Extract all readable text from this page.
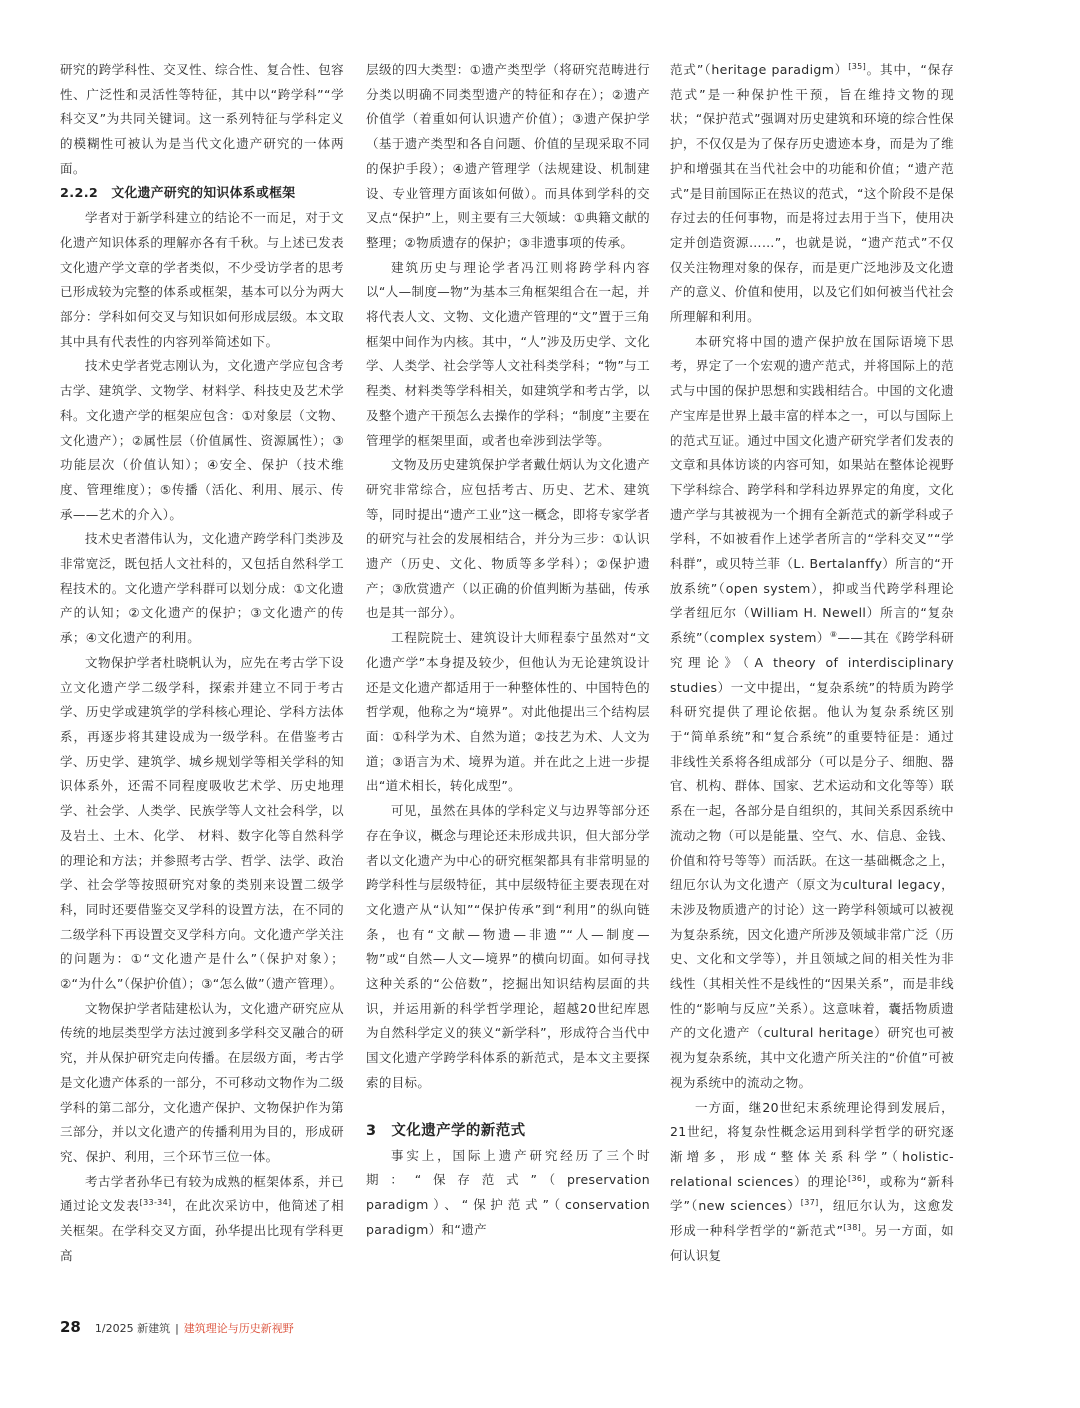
研究的跨学科性、交叉性、综合性、复合性、包容性、广泛性和灵活性等特征，其中以“跨学科”“学科交叉”为共同关键词。这一系列特征与学科定义的模糊性可被认为是当代文化遗产研究的一体两面。

2.2.2　文化遗产研究的知识体系或框架

学者对于新学科建立的结论不一而足，对于文化遗产知识体系的理解亦各有千秋。与上述已发表文化遗产学文章的学者类似，不少受访学者的思考已形成较为完整的体系或框架，基本可以分为两大部分：学科如何交叉与知识如何形成层级。本文取其中具有代表性的内容列举简述如下。

技术史学者党志刚认为，文化遗产学应包含考古学、建筑学、文物学、材料学、科技史及艺术学科。文化遗产学的框架应包含：①对象层（文物、文化遗产）；②属性层（价值属性、资源属性）；③功能层次（价值认知）；④安全、保护（技术维度、管理维度）；⑤传播（活化、利用、展示、传承——艺术的介入）。

技术史者潜伟认为，文化遗产跨学科门类涉及非常宽泛，既包括人文社科的，又包括自然科学工程技术的。文化遗产学科群可以划分成：①文化遗产的认知；②文化遗产的保护；③文化遗产的传承；④文化遗产的利用。

文物保护学者杜晓帆认为，应先在考古学下设立文化遗产学二级学科，探索并建立不同于考古学、历史学或建筑学的学科核心理论、学科方法体系，再逐步将其建设成为一级学科。在借鉴考古学、历史学、建筑学、城乡规划学等相关学科的知识体系外，还需不同程度吸收艺术学、历史地理学、社会学、人类学、民族学等人文社会科学，以及岩土、土木、化学、 材料、数字化等自然科学的理论和方法；并参照考古学、哲学、法学、政治学、社会学等按照研究对象的类别来设置二级学科，同时还要借鉴交叉学科的设置方法，在不同的二级学科下再设置交叉学科方向。文化遗产学关注的问题为：①“文化遗产是什么”（保护对象）；②“为什么”（保护价值）；③“怎么做”（遗产管理）。

文物保护学者陆建松认为，文化遗产研究应从传统的地层类型学方法过渡到多学科交叉融合的研究，并从保护研究走向传播。在层级方面，考古学是文化遗产体系的一部分，不可移动文物作为二级学科的第二部分，文化遗产保护、文物保护作为第三部分，并以文化遗产的传播利用为目的，形成研究、保护、利用，三个环节三位一体。

考古学者孙华已有较为成熟的框架体系，并已通过论文发表[33-34]，在此次采访中，他简述了相关框架。在学科交叉方面，孙华提出比现有学科更高

层级的四大类型：①遗产类型学（将研究范畴进行分类以明确不同类型遗产的特征和存在）；②遗产价值学（着重如何认识遗产价值）；③遗产保护学（基于遗产类型和各自问题、价值的呈现采取不同的保护手段）；④遗产管理学（法规建设、机制建设、专业管理方面该如何做）。而具体到学科的交叉点“保护”上，则主要有三大领域：①典籍文献的整理；②物质遗存的保护；③非遗事项的传承。

建筑历史与理论学者冯江则将跨学科内容以“人—制度—物”为基本三角框架组合在一起，并将代表人文、文物、文化遗产管理的“文”置于三角框架中间作为内核。其中，“人”涉及历史学、文化学、人类学、社会学等人文社科类学科；“物”与工程类、材料类等学科相关，如建筑学和考古学，以及整个遗产干预怎么去操作的学科；“制度”主要在管理学的框架里面，或者也牵涉到法学等。

文物及历史建筑保护学者戴仕炳认为文化遗产研究非常综合，应包括考古、历史、艺术、建筑等，同时提出“遗产工业”这一概念，即将专家学者的研究与社会的发展相结合，并分为三步：①认识遗产（历史、文化、物质等多学科）；②保护遗产；③欣赏遗产（以正确的价值判断为基础，传承也是其一部分）。

工程院院士、建筑设计大师程泰宁虽然对“文化遗产学”本身提及较少，但他认为无论建筑设计还是文化遗产都适用于一种整体性的、中国特色的哲学观，他称之为“境界”。对此他提出三个结构层面：①科学为术、自然为道；②技艺为术、人文为道；③语言为术、境界为道。并在此之上进一步提出“道术相长，转化成型”。

可见，虽然在具体的学科定义与边界等部分还存在争议，概念与理论还未形成共识，但大部分学者以文化遗产为中心的研究框架都具有非常明显的跨学科性与层级特征，其中层级特征主要表现在对文化遗产从“认知”“保护传承”到“利用”的纵向链条，也有“文献—物遗—非遗”“人—制度—物”或“自然—人文—境界”的横向切面。如何寻找这种关系的“公倍数”，挖掘出知识结构层面的共识，并运用新的科学哲学理论，超越20世纪库恩为自然科学定义的狭义“新学科”，形成符合当代中国文化遗产学跨学科体系的新范式，是本文主要探索的目标。

3　文化遗产学的新范式

事实上，国际上遗产研究经历了三个时期：“保存范式”（preservation paradigm）、“保护范式”（conservation paradigm）和“遗产

范式”（heritage paradigm）[35]。其中，“保存范式”是一种保护性干预，旨在维持文物的现状；“保护范式”强调对历史建筑和环境的综合性保护，不仅仅是为了保存历史遗迹本身，而是为了维护和增强其在当代社会中的功能和价值；“遗产范式”是目前国际正在热议的范式，“这个阶段不是保存过去的任何事物，而是将过去用于当下，使用决定并创造资源……”，也就是说，“遗产范式”不仅仅关注物理对象的保存，而是更广泛地涉及文化遗产的意义、价值和使用，以及它们如何被当代社会所理解和利用。

本研究将中国的遗产保护放在国际语境下思考，界定了一个宏观的遗产范式，并将国际上的范式与中国的保护思想和实践相结合。中国的文化遗产宝库是世界上最丰富的样本之一，可以与国际上的范式互证。通过中国文化遗产研究学者们发表的文章和具体访谈的内容可知，如果站在整体论视野下学科综合、跨学科和学科边界界定的角度，文化遗产学与其被视为一个拥有全新范式的新学科或子学科，不如被看作上述学者所言的“学科交叉”“学科群”，或贝特兰菲（L. Bertalanffy）所言的“开放系统”（open system），抑或当代跨学科理论学者纽厄尔（William H. Newell）所言的“复杂系统”（complex system）⑧——其在《跨学科研究理论》（A theory of interdisciplinary studies）一文中提出，“复杂系统”的特质为跨学科研究提供了理论依据。他认为复杂系统区别于“简单系统”和“复合系统”的重要特征是：通过非线性关系将各组成部分（可以是分子、细胞、器官、机构、群体、国家、艺术运动和文化等等）联系在一起，各部分是自组织的，其间关系因系统中流动之物（可以是能量、空气、水、信息、金钱、价值和符号等等）而活跃。在这一基础概念之上，纽厄尔认为文化遗产（原文为cultural legacy，未涉及物质遗产的讨论）这一跨学科领域可以被视为复杂系统，因文化遗产所涉及领域非常广泛（历史、文化和文学等），并且领域之间的相关性为非线性（其相关性不是线性的“因果关系”，而是非线性的“影响与反应”关系）。这意味着，囊括物质遗产的文化遗产（cultural heritage）研究也可被视为复杂系统，其中文化遗产所关注的“价值”可被视为系统中的流动之物。

一方面，继20世纪末系统理论得到发展后，21世纪，将复杂性概念运用到科学哲学的研究逐渐增多，形成“整体关系科学”（holistic-relational sciences）的理论[36]，或称为“新科学”（new sciences）[37]，纽厄尔认为，这愈发形成一种科学哲学的“新范式”[38]。另一方面，如何认识复

28 1/2025 新建筑 | 建筑理论与历史新视野
